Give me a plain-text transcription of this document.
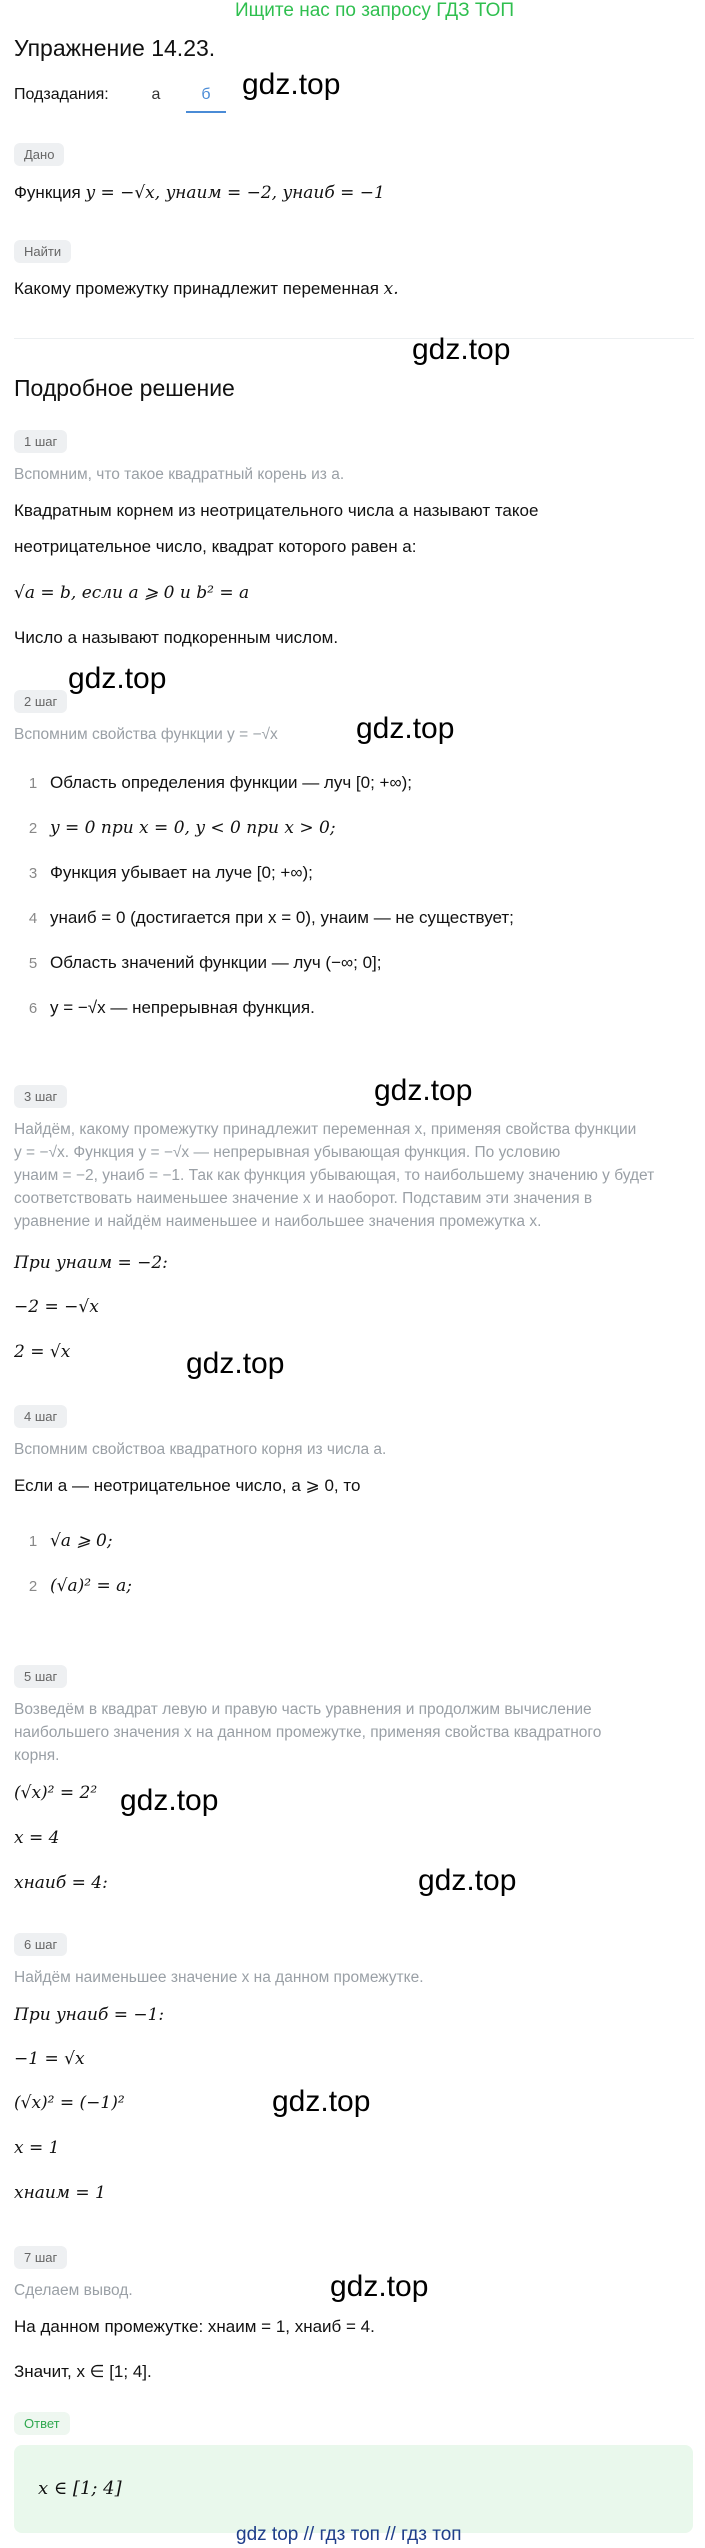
Ищите нас по запросу ГДЗ ТОП
Упражнение 14.23.
Подзадания:	а	б	gdz.top
Дано
Функция y = −√x, yнаим = −2, yнаиб = −1
Найти
Какому промежутку принадлежит переменная x.
gdz.top
Подробное решение
1 шаг
Вспомним, что такое квадратный корень из a.
Квадратным корнем из неотрицательного числа a называют такое
неотрицательное число, квадрат которого равен a:
√a = b, если a ⩾ 0 и b² = a
Число a называют подкоренным числом.
gdz.top
2 шаг
gdz.top
Вспомним свойства функции y = −√x
1 Область определения функции — луч [0; +∞);
2 y = 0 при x = 0, y < 0 при x > 0;
3 Функция убывает на луче [0; +∞);
4 yнаиб = 0 (достигается при x = 0), yнаим — не существует;
5 Область значений функции — луч (−∞; 0];
6 y = −√x — непрерывная функция.
3 шаг	gdz.top
Найдём, какому промежутку принадлежит переменная x, применяя свойства функции
y = −√x. Функция y = −√x — непрерывная убывающая функция. По условию
yнаим = −2, yнаиб = −1. Так как функция убывающая, то наибольшему значению y будет
соответствовать наименьшее значение x и наоборот. Подставим эти значения в
уравнение и найдём наименьшее и наибольшее значения промежутка x.
При yнаим = −2:
−2 = −√x
2 = √x	gdz.top
4 шаг
Вспомним свойствоа квадратного корня из числа a.
Если a — неотрицательное число, a ⩾ 0, то
1 √a ⩾ 0;
2 (√a)² = a;
5 шаг
Возведём в квадрат левую и правую часть уравнения и продолжим вычисление
наибольшего значения x на данном промежутке, применяя свойства квадратного
корня.
(√x)² = 2² gdz.top
x = 4
xнаиб = 4:	gdz.top
6 шаг
Найдём наименьшее значение x на данном промежутке.
При yнаиб = −1:
−1 = √x
(√x)² = (−1)²	gdz.top
x = 1
xнаим = 1
7 шаг
gdz.top
Сделаем вывод.
На данном промежутке: xнаим = 1, xнаиб = 4.
Значит, x ∈ [1; 4].
Ответ
x ∈ [1; 4]
gdz top // гдз топ // гдз топ
